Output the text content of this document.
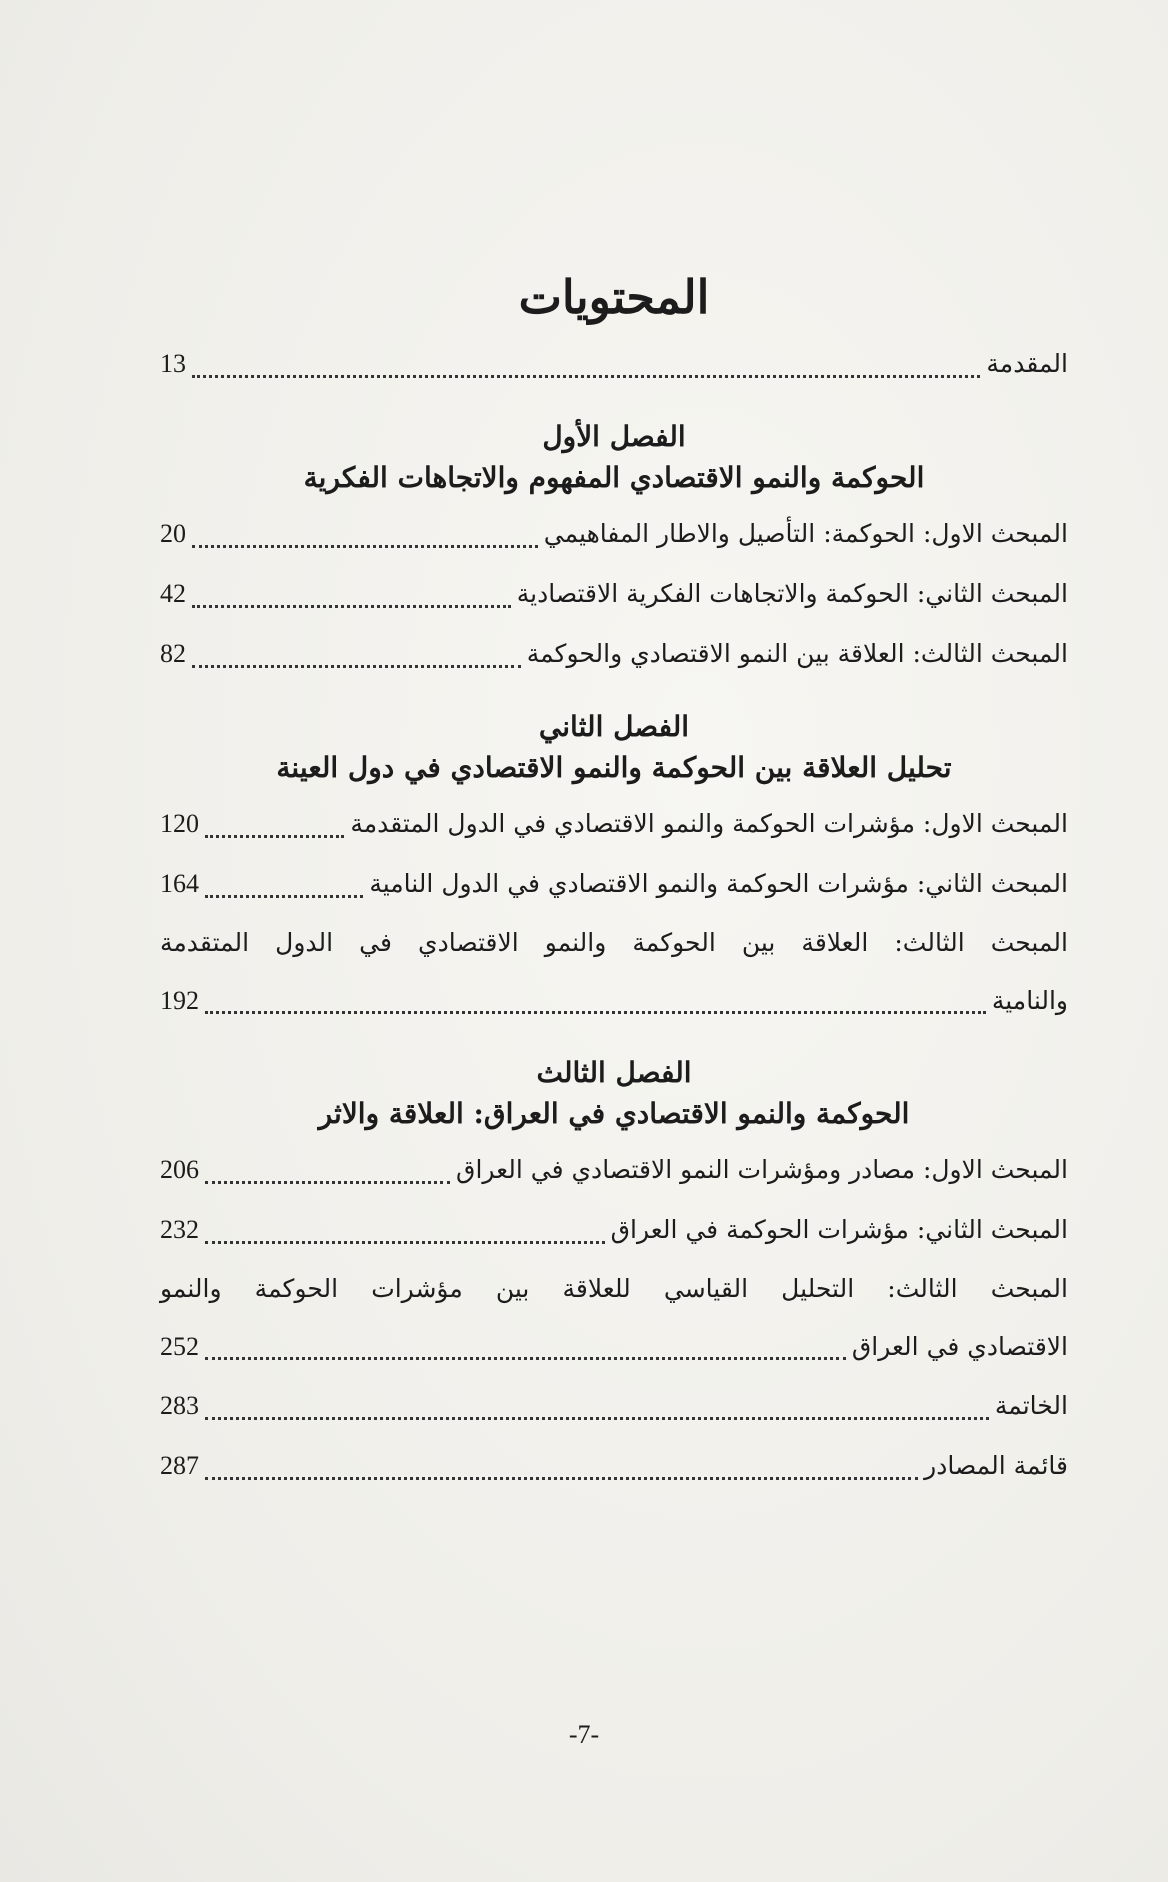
المحتويات
المقدمة
13
الفصل الأول
الحوكمة والنمو الاقتصادي المفهوم والاتجاهات الفكرية
المبحث الاول: الحوكمة: التأصيل والاطار المفاهيمي
20
المبحث الثاني: الحوكمة والاتجاهات الفكرية الاقتصادية
42
المبحث الثالث: العلاقة بين النمو الاقتصادي والحوكمة
82
الفصل الثاني
تحليل العلاقة بين الحوكمة والنمو الاقتصادي في دول العينة
المبحث الاول: مؤشرات الحوكمة والنمو الاقتصادي في الدول المتقدمة
120
المبحث الثاني: مؤشرات الحوكمة والنمو الاقتصادي في الدول النامية
164
المبحث الثالث: العلاقة بين الحوكمة والنمو الاقتصادي في الدول المتقدمة
والنامية
192
الفصل الثالث
الحوكمة والنمو الاقتصادي في العراق: العلاقة والاثر
المبحث الاول: مصادر ومؤشرات النمو الاقتصادي في العراق
206
المبحث الثاني: مؤشرات الحوكمة في العراق
232
المبحث الثالث: التحليل القياسي للعلاقة بين مؤشرات الحوكمة والنمو
الاقتصادي في العراق
252
الخاتمة
283
قائمة المصادر
287
-7-
